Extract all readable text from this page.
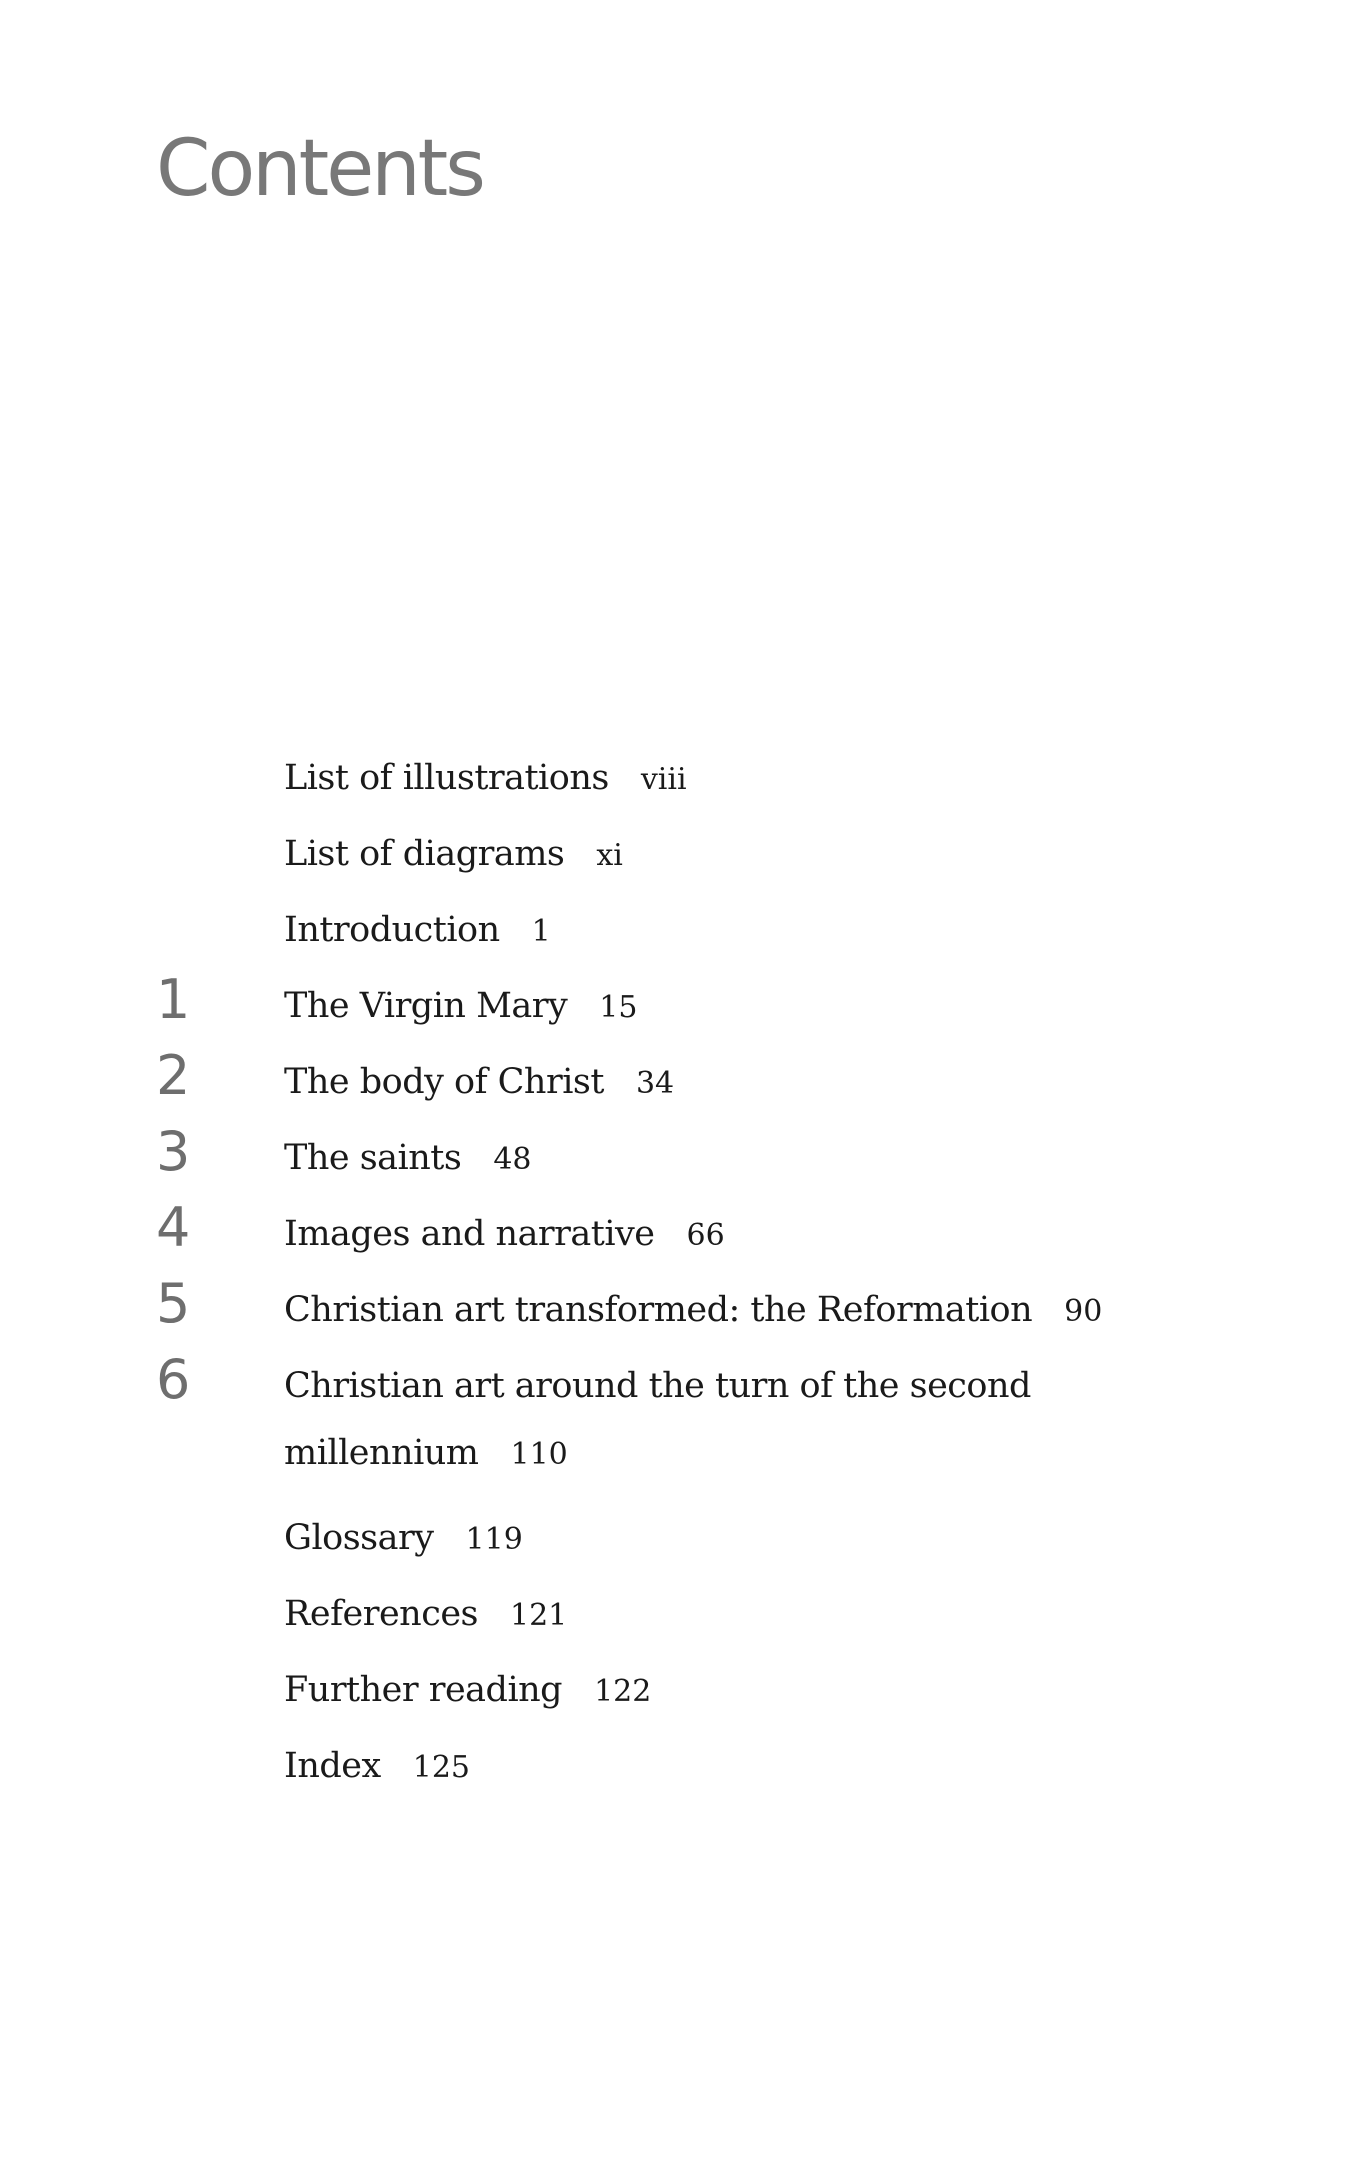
Contents
List of illustrations viii
List of diagrams xi
Introduction 1
1	The Virgin Mary 15
2	The body of Christ 34
3	The saints 48
4	Images and narrative 66
5	Christian art transformed: the Reformation 90
6	Christian art around the turn of the second
millennium 110
Glossary 119
References 121
Further reading 122
Index 125
